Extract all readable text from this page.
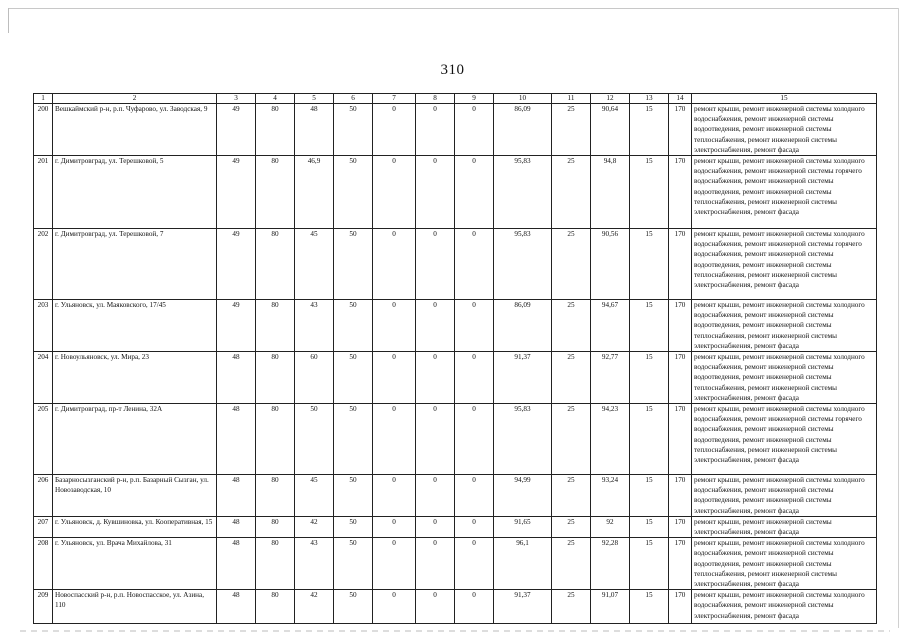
310
1	2	3	4	5	6	7	8	9	10	11	12	13	14	15
200	Вешкаймский р-н, р.п. Чуфарово, ул. Заводская, 9	49	80	48	50	0	0	0	86,09	25	90,64	15	170	ремонт крыши, ремонт инженерной системы холодного водоснабжения, ремонт инженерной системы водоотведения, ремонт инженерной системы теплоснабжения, ремонт инженерной системы электроснабжения, ремонт фасада
201	г. Димитровград, ул. Терешковой, 5	49	80	46,9	50	0	0	0	95,83	25	94,8	15	170	ремонт крыши, ремонт инженерной системы холодного водоснабжения, ремонт инженерной системы горячего водоснабжения, ремонт инженерной системы водоотведения, ремонт инженерной системы теплоснабжения, ремонт инженерной системы электроснабжения, ремонт фасада
202	г. Димитровград, ул. Терешковой, 7	49	80	45	50	0	0	0	95,83	25	90,56	15	170	ремонт крыши, ремонт инженерной системы холодного водоснабжения, ремонт инженерной системы горячего водоснабжения, ремонт инженерной системы водоотведения, ремонт инженерной системы теплоснабжения, ремонт инженерной системы электроснабжения, ремонт фасада
203	г. Ульяновск, ул. Маяковского, 17/45	49	80	43	50	0	0	0	86,09	25	94,67	15	170	ремонт крыши, ремонт инженерной системы холодного водоснабжения, ремонт инженерной системы водоотведения, ремонт инженерной системы теплоснабжения, ремонт инженерной системы электроснабжения, ремонт фасада
204	г. Новоульяновск, ул. Мира, 23	48	80	60	50	0	0	0	91,37	25	92,77	15	170	ремонт крыши, ремонт инженерной системы холодного водоснабжения, ремонт инженерной системы водоотведения, ремонт инженерной системы теплоснабжения, ремонт инженерной системы электроснабжения, ремонт фасада
205	г. Димитровград, пр-т Ленина, 32А	48	80	50	50	0	0	0	95,83	25	94,23	15	170	ремонт крыши, ремонт инженерной системы холодного водоснабжения, ремонт инженерной системы горячего водоснабжения, ремонт инженерной системы водоотведения, ремонт инженерной системы теплоснабжения, ремонт инженерной системы электроснабжения, ремонт фасада
206	Базарносызганский р-н, р.п. Базарный Сызган, ул. Новозаводская, 10	48	80	45	50	0	0	0	94,99	25	93,24	15	170	ремонт крыши, ремонт инженерной системы холодного водоснабжения, ремонт инженерной системы водоотведения, ремонт инженерной системы электроснабжения, ремонт фасада
207	г. Ульяновск, д. Кувшиновка, ул. Кооперативная, 15	48	80	42	50	0	0	0	91,65	25	92	15	170	ремонт крыши, ремонт инженерной системы электроснабжения, ремонт фасада
208	г. Ульяновск, ул. Врача Михайлова, 31	48	80	43	50	0	0	0	96,1	25	92,28	15	170	ремонт крыши, ремонт инженерной системы холодного водоснабжения, ремонт инженерной системы водоотведения, ремонт инженерной системы теплоснабжения, ремонт инженерной системы электроснабжения, ремонт фасада
209	Новоспасский р-н, р.п. Новоспасское, ул. Азина, 110	48	80	42	50	0	0	0	91,37	25	91,07	15	170	ремонт крыши, ремонт инженерной системы холодного водоснабжения, ремонт инженерной системы электроснабжения, ремонт фасада
